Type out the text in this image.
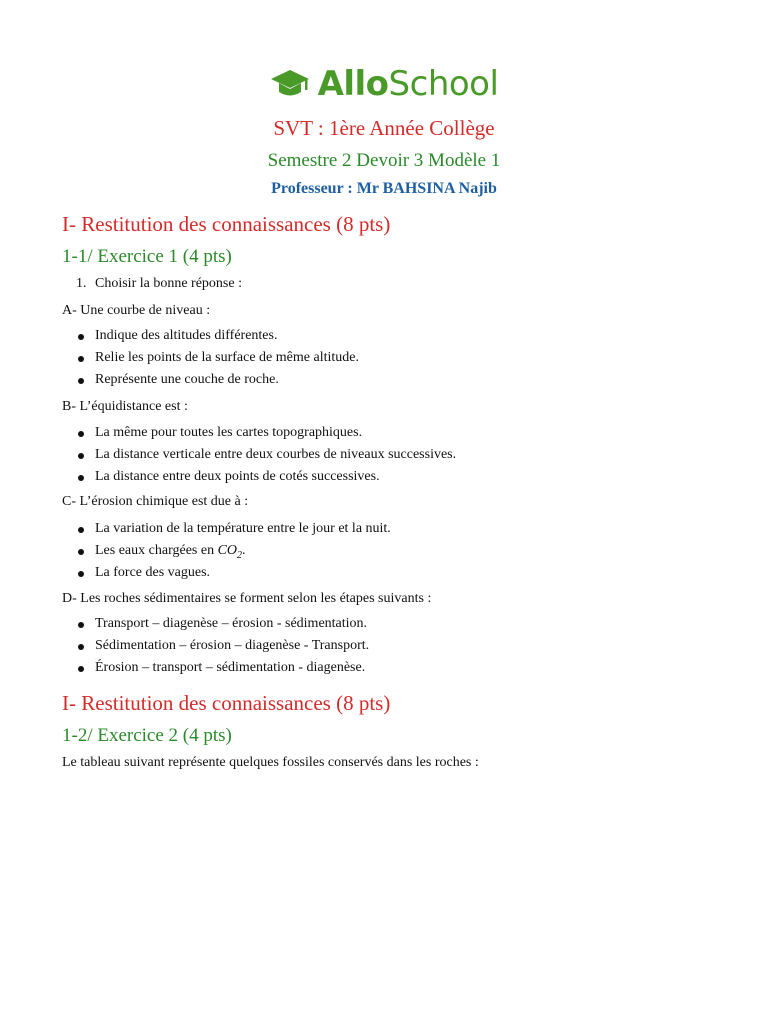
AlloSchool
SVT : 1ère Année Collège
Semestre 2 Devoir 3 Modèle 1
Professeur : Mr BAHSINA Najib
I- Restitution des connaissances (8 pts)
1-1/ Exercice 1 (4 pts)
1. Choisir la bonne réponse :
A- Une courbe de niveau :
Indique des altitudes différentes.
Relie les points de la surface de même altitude.
Représente une couche de roche.
B- L’équidistance est :
La même pour toutes les cartes topographiques.
La distance verticale entre deux courbes de niveaux successives.
La distance entre deux points de cotés successives.
C- L’érosion chimique est due à :
La variation de la température entre le jour et la nuit.
Les eaux chargées en $CO_2$.
La force des vagues.
D- Les roches sédimentaires se forment selon les étapes suivants :
Transport – diagenèse – érosion - sédimentation.
Sédimentation – érosion – diagenèse - Transport.
Érosion – transport – sédimentation - diagenèse.
I- Restitution des connaissances (8 pts)
1-2/ Exercice 2 (4 pts)
Le tableau suivant représente quelques fossiles conservés dans les roches :
